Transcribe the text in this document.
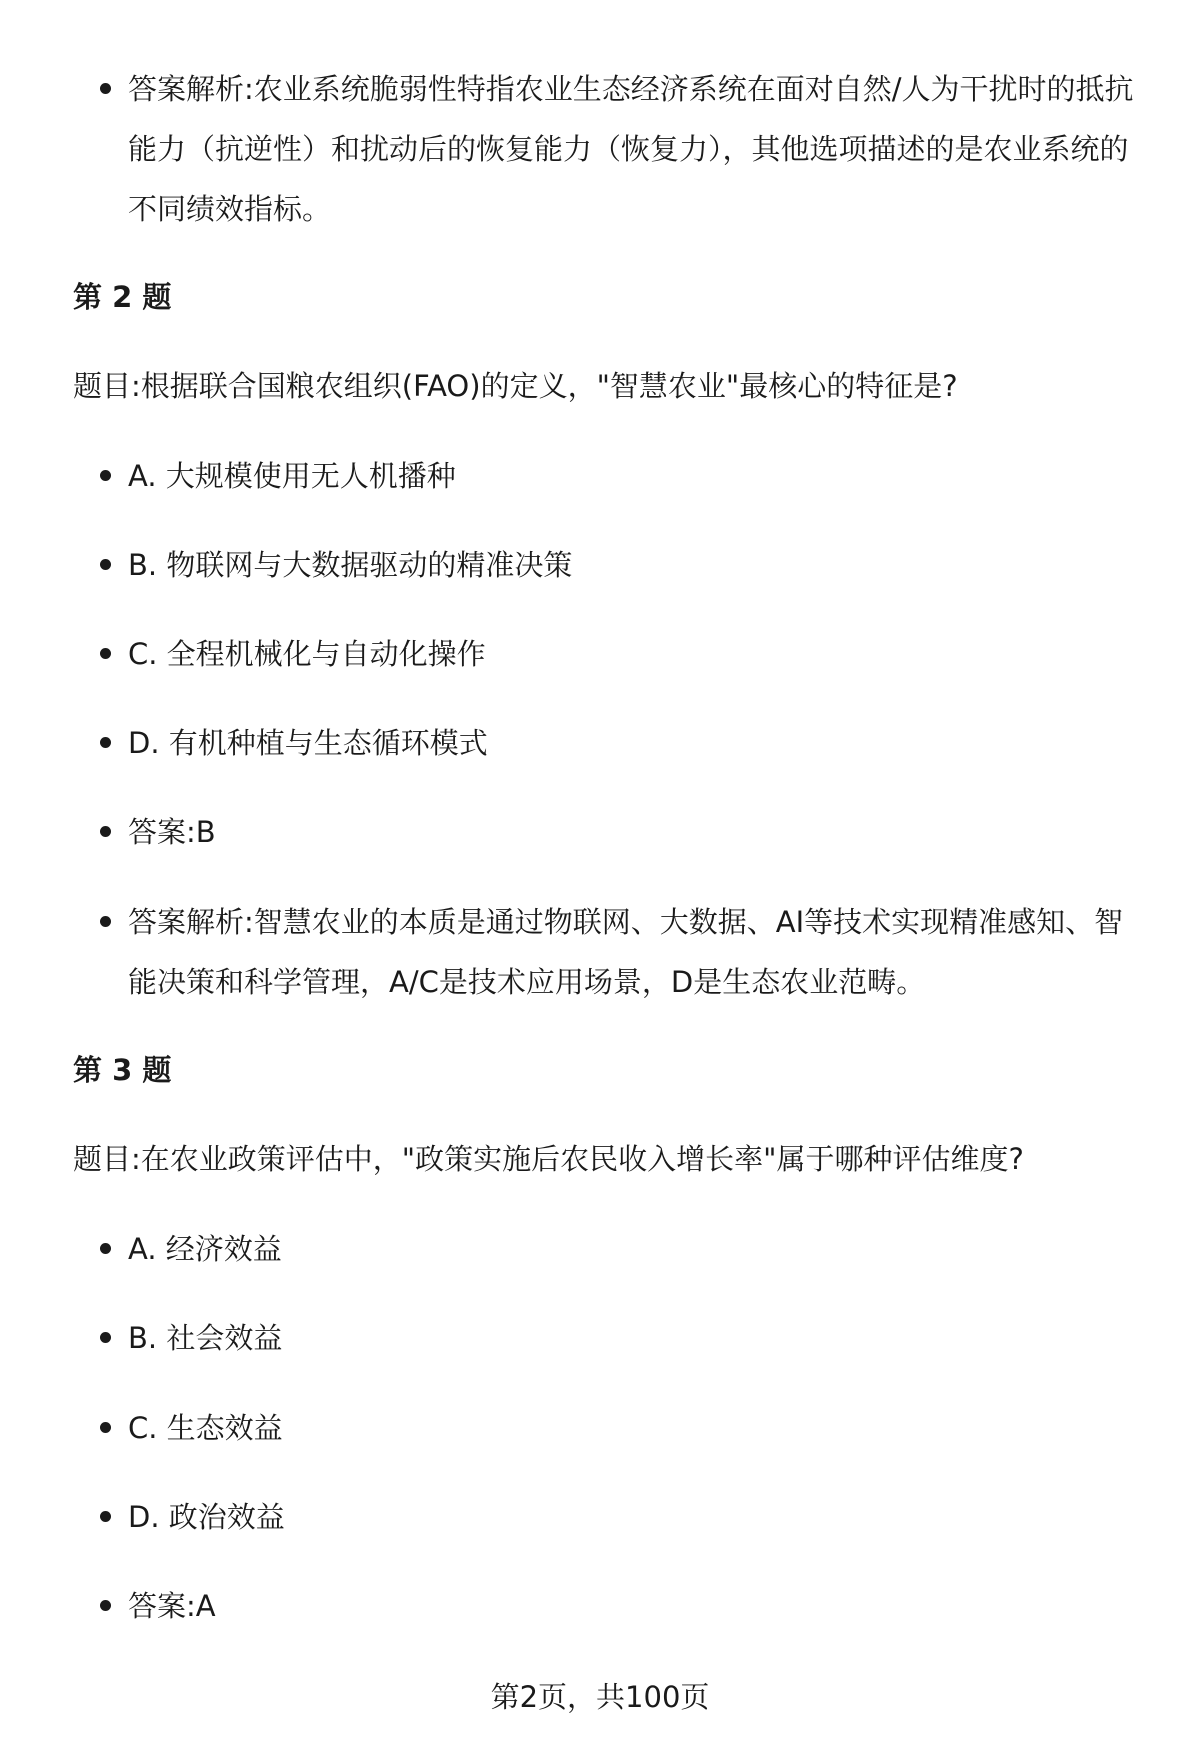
答案解析:农业系统脆弱性特指农业生态经济系统在面对自然/人为干扰时的抵抗能力（抗逆性）和扰动后的恢复能力（恢复力），其他选项描述的是农业系统的不同绩效指标。

第 2 题

题目:根据联合国粮农组织(FAO)的定义，"智慧农业"最核心的特征是?

A. 大规模使用无人机播种

B. 物联网与大数据驱动的精准决策

C. 全程机械化与自动化操作

D. 有机种植与生态循环模式

答案:B

答案解析:智慧农业的本质是通过物联网、大数据、AI等技术实现精准感知、智能决策和科学管理，A/C是技术应用场景，D是生态农业范畴。

第 3 题

题目:在农业政策评估中，"政策实施后农民收入增长率"属于哪种评估维度?

A. 经济效益

B. 社会效益

C. 生态效益

D. 政治效益

答案:A

第2页，共100页
